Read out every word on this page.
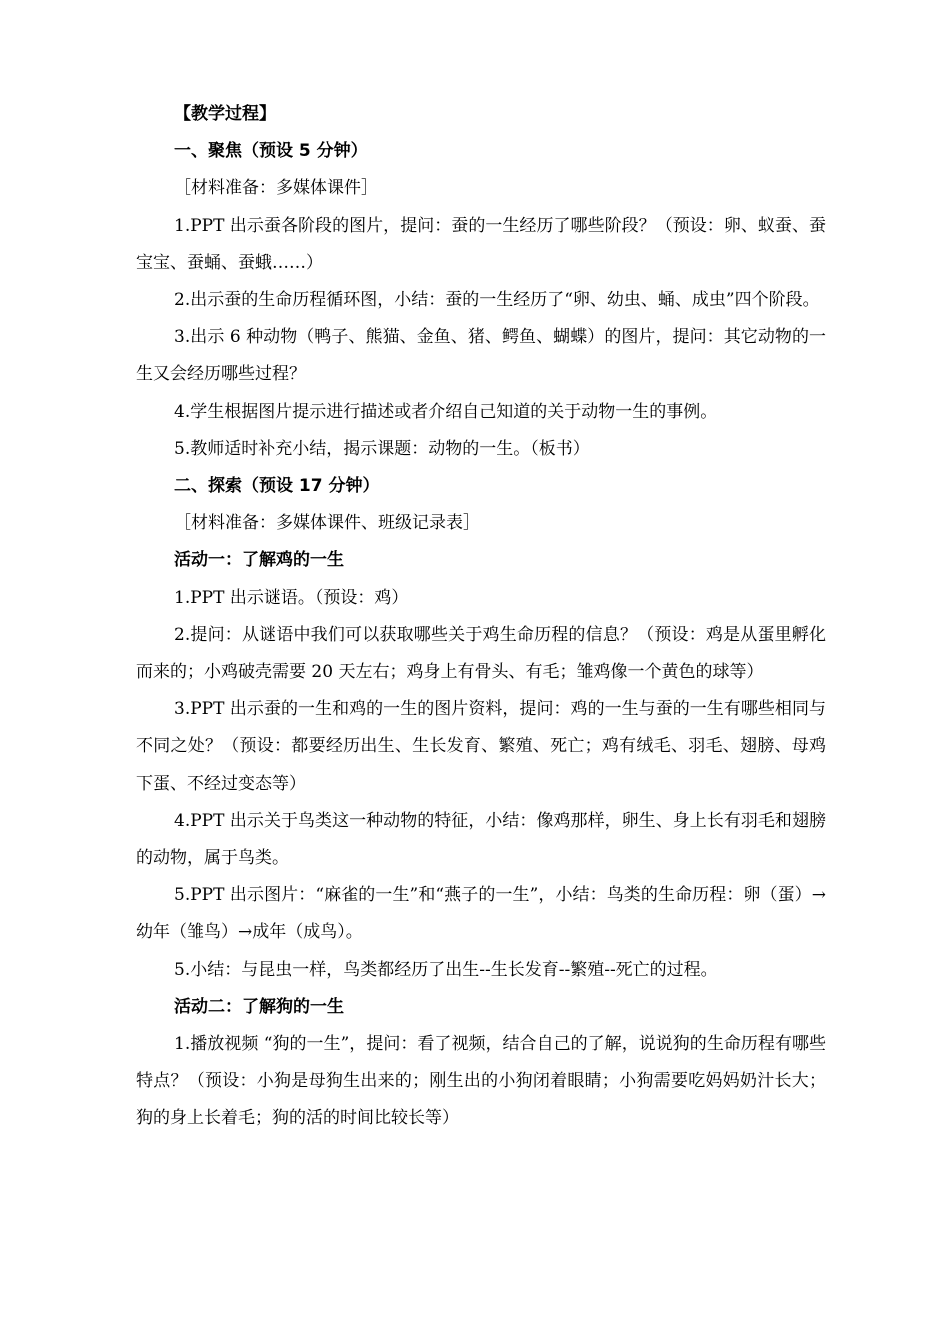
【教学过程】

一、聚焦（预设 5 分钟）

［材料准备：多媒体课件］

1.PPT 出示蚕各阶段的图片，提问：蚕的一生经历了哪些阶段？（预设：卵、蚁蚕、蚕宝宝、蚕蛹、蚕蛾……）

2.出示蚕的生命历程循环图，小结：蚕的一生经历了“卵、幼虫、蛹、成虫”四个阶段。

3.出示 6 种动物（鸭子、熊猫、金鱼、猪、鳄鱼、蝴蝶）的图片，提问：其它动物的一生又会经历哪些过程？

4.学生根据图片提示进行描述或者介绍自己知道的关于动物一生的事例。

5.教师适时补充小结，揭示课题：动物的一生。（板书）

二、探索（预设 17 分钟）

［材料准备：多媒体课件、班级记录表］

活动一：了解鸡的一生

1.PPT 出示谜语。（预设：鸡）

2.提问：从谜语中我们可以获取哪些关于鸡生命历程的信息？（预设：鸡是从蛋里孵化而来的；小鸡破壳需要 20 天左右；鸡身上有骨头、有毛；雏鸡像一个黄色的球等）

3.PPT 出示蚕的一生和鸡的一生的图片资料，提问：鸡的一生与蚕的一生有哪些相同与不同之处？（预设：都要经历出生、生长发育、繁殖、死亡；鸡有绒毛、羽毛、翅膀、母鸡下蛋、不经过变态等）

4.PPT 出示关于鸟类这一种动物的特征，小结：像鸡那样，卵生、身上长有羽毛和翅膀的动物，属于鸟类。

5.PPT 出示图片：“麻雀的一生”和“燕子的一生”，小结：鸟类的生命历程：卵（蛋）→幼年（雏鸟）→成年（成鸟）。

5.小结：与昆虫一样，鸟类都经历了出生--生长发育--繁殖--死亡的过程。

活动二：了解狗的一生

1.播放视频 “狗的一生”，提问：看了视频，结合自己的了解，说说狗的生命历程有哪些特点？（预设：小狗是母狗生出来的；刚生出的小狗闭着眼睛；小狗需要吃妈妈奶汁长大；狗的身上长着毛；狗的活的时间比较长等）
